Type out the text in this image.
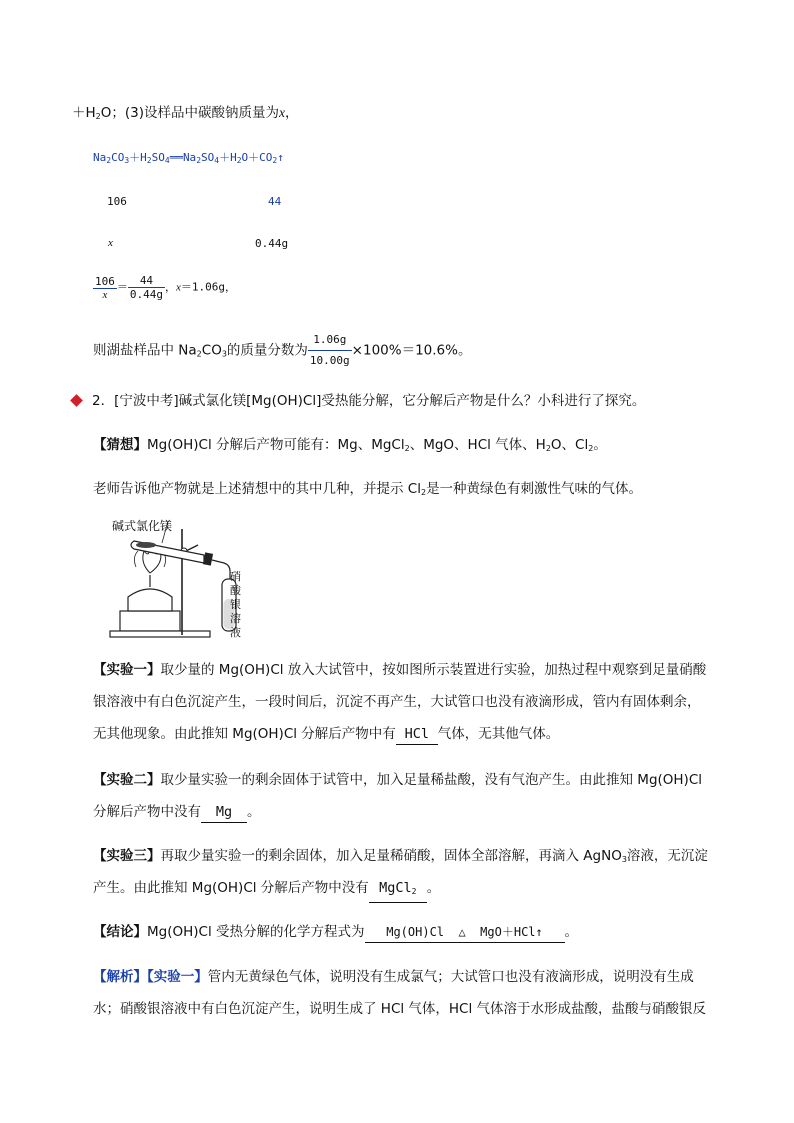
$+H_2O$；(3)设样品中碳酸钠质量为x，
$Na_2CO_3+H_2SO_4══Na_2SO_4+H_2O+CO_2↑$
106	44
x	0.44g
$\frac{106}{x} = \frac{44}{0.44g}$ ，x＝1.06g，
则湖盐样品中 $Na_2CO_3$的质量分数为 $\frac{1.06g}{10.00g} \times 100\%=10.6\%$。
2．[宁波中考]碱式氯化镁[Mg(OH)Cl]受热能分解，它分解后产物是什么？小科进行了探究。
【猜想】Mg(OH)Cl 分解后产物可能有：Mg、MgCl$_2$、MgO、HCl 气体、$H_2O$、$Cl_2$。
老师告诉他产物就是上述猜想中的其中几种，并提示 $Cl_2$是一种黄绿色有刺激性气味的气体。
碱式氯化镁
硝
酸
银
溶
液
【实验一】取少量的 Mg(OH)Cl 放入大试管中，按如图所示装置进行实验，加热过程中观察到足量硝酸
银溶液中有白色沉淀产生，一段时间后，沉淀不再产生，大试管口也没有液滴形成，管内有固体剩余，
无其他现象。由此推知 Mg(OH)Cl 分解后产物中有 HCl 气体，无其他气体。
【实验二】取少量实验一的剩余固体于试管中，加入足量稀盐酸，没有气泡产生。由此推知 Mg(OH)Cl
分解后产物中没有 Mg 。
【实验三】再取少量实验一的剩余固体，加入足量稀硝酸，固体全部溶解，再滴入 AgNO$_3$溶液，无沉淀
产生。由此推知 Mg(OH)Cl 分解后产物中没有 MgCl$_2$ 。
【结论】Mg(OH)Cl 受热分解的化学方程式为 Mg(OH)Cl △ MgO＋HCl↑ 。
【解析】【实验一】管内无黄绿色气体，说明没有生成氯气；大试管口也没有液滴形成，说明没有生成
水；硝酸银溶液中有白色沉淀产生，说明生成了 HCl 气体，HCl 气体溶于水形成盐酸，盐酸与硝酸银反
